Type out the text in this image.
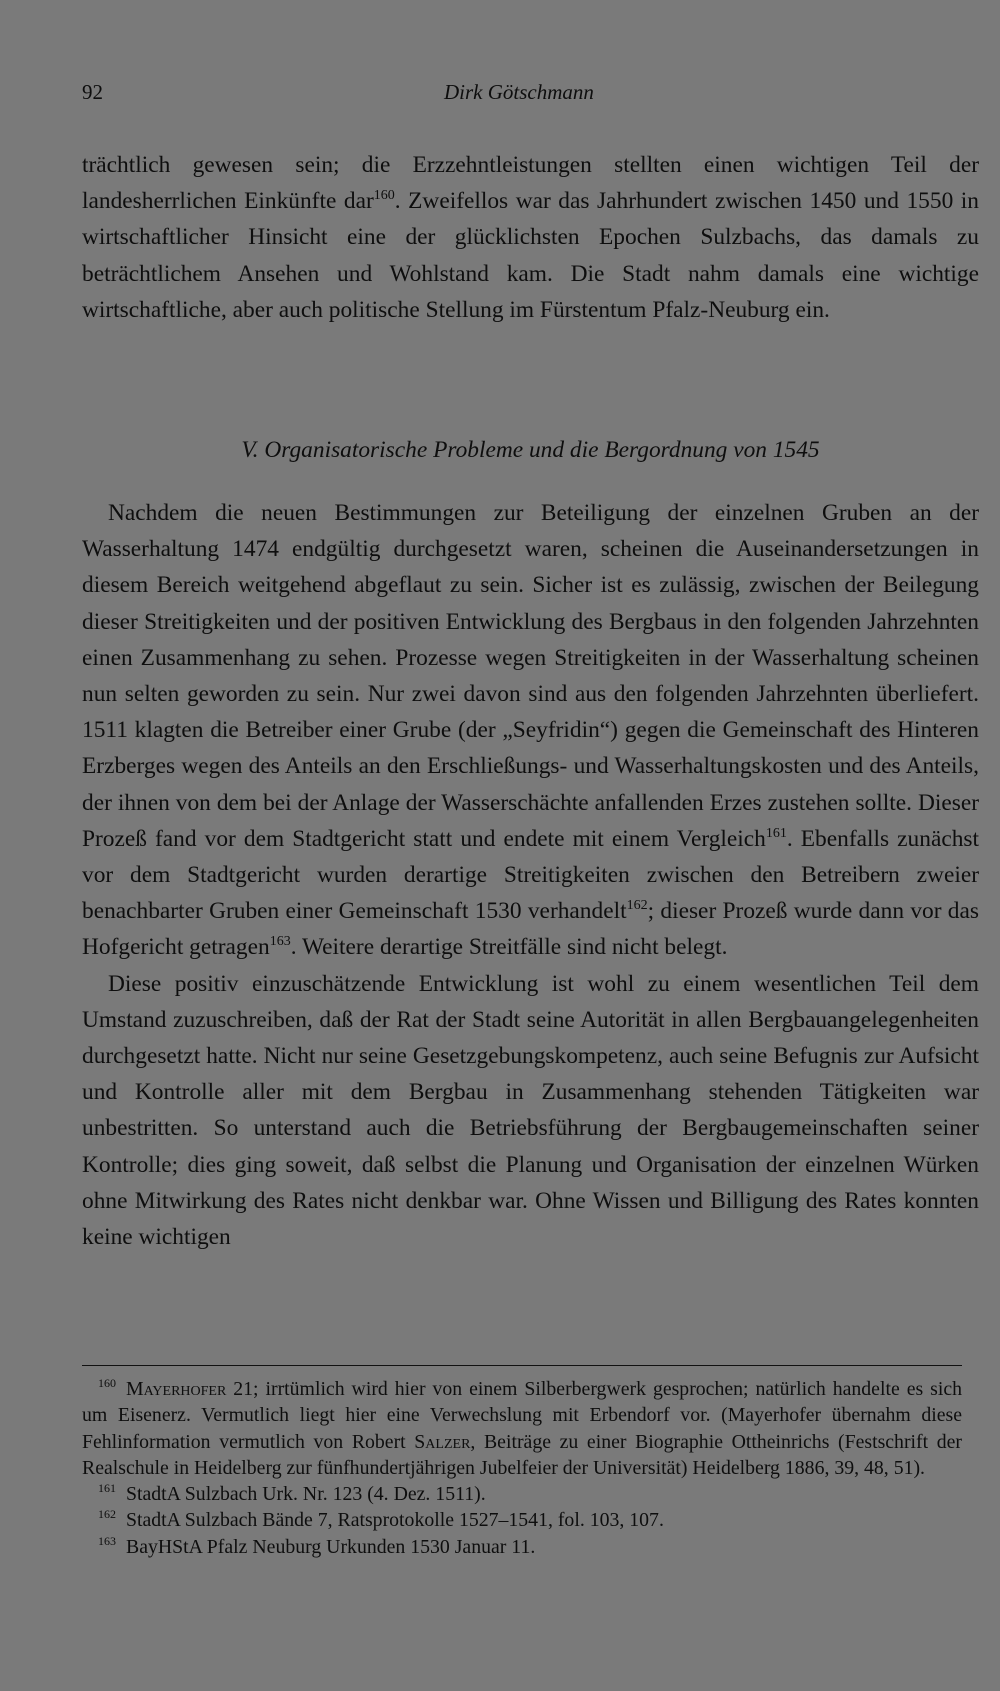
92	Dirk Götschmann

trächtlich gewesen sein; die Erzzehntleistungen stellten einen wichtigen Teil der landesherrlichen Einkünfte dar$^{160}$. Zweifellos war das Jahrhundert zwischen 1450 und 1550 in wirtschaftlicher Hinsicht eine der glücklichsten Epochen Sulzbachs, das damals zu beträchtlichem Ansehen und Wohlstand kam. Die Stadt nahm damals eine wichtige wirtschaftliche, aber auch politische Stellung im Fürstentum Pfalz-Neuburg ein.

V. Organisatorische Probleme und die Bergordnung von 1545

Nachdem die neuen Bestimmungen zur Beteiligung der einzelnen Gruben an der Wasserhaltung 1474 endgültig durchgesetzt waren, scheinen die Auseinandersetzungen in diesem Bereich weitgehend abgeflaut zu sein. Sicher ist es zulässig, zwischen der Beilegung dieser Streitigkeiten und der positiven Entwicklung des Bergbaus in den folgenden Jahrzehnten einen Zusammenhang zu sehen. Prozesse wegen Streitigkeiten in der Wasserhaltung scheinen nun selten geworden zu sein. Nur zwei davon sind aus den folgenden Jahrzehnten überliefert. 1511 klagten die Betreiber einer Grube (der „Seyfridin“) gegen die Gemeinschaft des Hinteren Erzberges wegen des Anteils an den Erschließungs- und Wasserhaltungskosten und des Anteils, der ihnen von dem bei der Anlage der Wasserschächte anfallenden Erzes zustehen sollte. Dieser Prozeß fand vor dem Stadtgericht statt und endete mit einem Vergleich$^{161}$. Ebenfalls zunächst vor dem Stadtgericht wurden derartige Streitigkeiten zwischen den Betreibern zweier benachbarter Gruben einer Gemeinschaft 1530 verhandelt$^{162}$; dieser Prozeß wurde dann vor das Hofgericht getragen$^{163}$. Weitere derartige Streitfälle sind nicht belegt.

Diese positiv einzuschätzende Entwicklung ist wohl zu einem wesentlichen Teil dem Umstand zuzuschreiben, daß der Rat der Stadt seine Autorität in allen Bergbauangelegenheiten durchgesetzt hatte. Nicht nur seine Gesetzgebungskompetenz, auch seine Befugnis zur Aufsicht und Kontrolle aller mit dem Bergbau in Zusammenhang stehenden Tätigkeiten war unbestritten. So unterstand auch die Betriebsführung der Bergbaugemeinschaften seiner Kontrolle; dies ging soweit, daß selbst die Planung und Organisation der einzelnen Würken ohne Mitwirkung des Rates nicht denkbar war. Ohne Wissen und Billigung des Rates konnten keine wichtigen

160 Mayerhofer 21; irrtümlich wird hier von einem Silberbergwerk gesprochen; natürlich handelte es sich um Eisenerz. Vermutlich liegt hier eine Verwechslung mit Erbendorf vor. (Mayerhofer übernahm diese Fehlinformation vermutlich von Robert Salzer, Beiträge zu einer Biographie Ottheinrichs (Festschrift der Realschule in Heidelberg zur fünfhundertjährigen Jubelfeier der Universität) Heidelberg 1886, 39, 48, 51).

161 StadtA Sulzbach Urk. Nr. 123 (4. Dez. 1511).

162 StadtA Sulzbach Bände 7, Ratsprotokolle 1527–1541, fol. 103, 107.

163 BayHStA Pfalz Neuburg Urkunden 1530 Januar 11.
